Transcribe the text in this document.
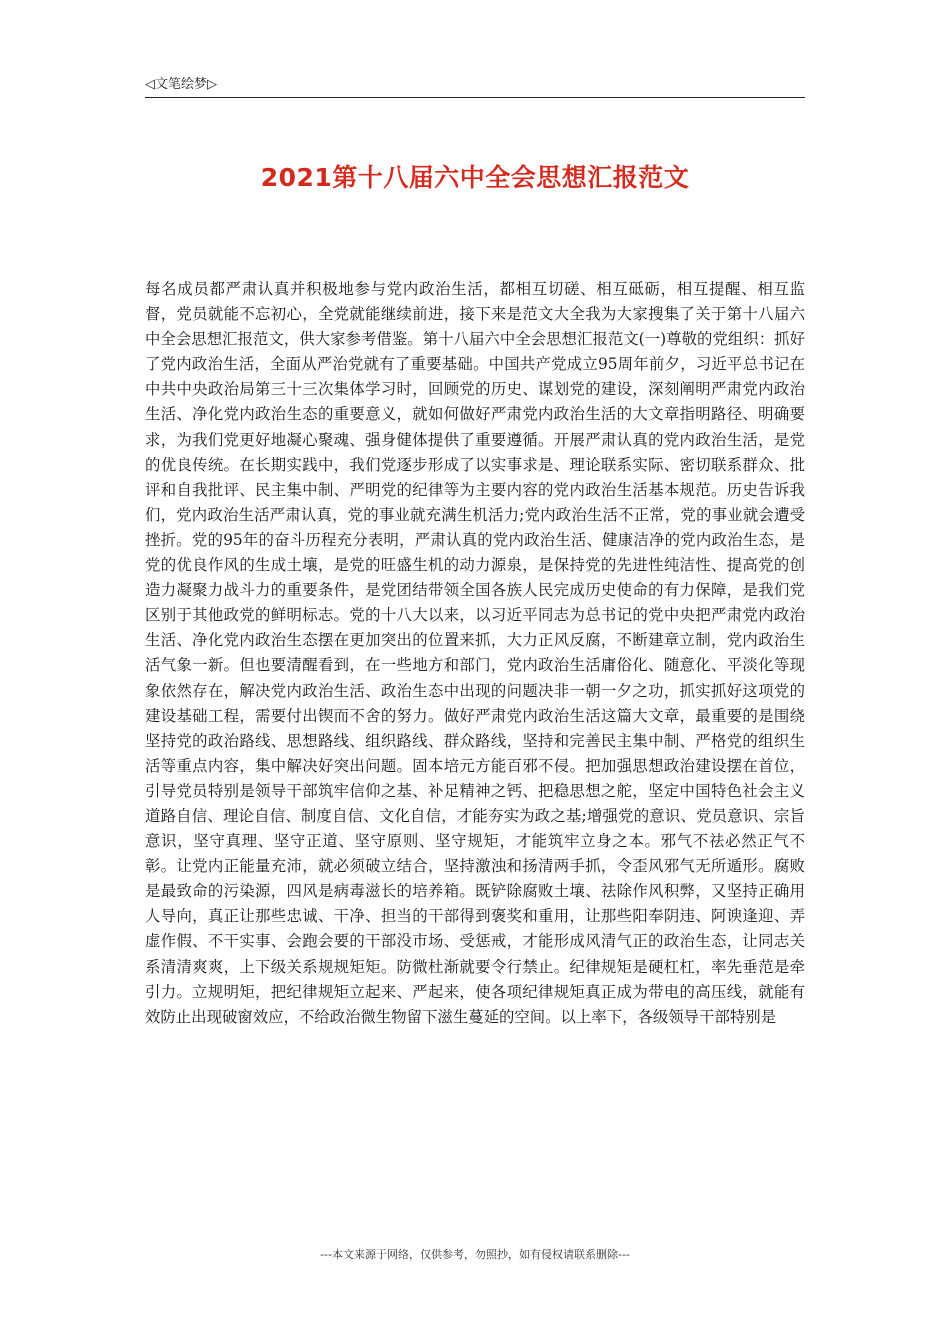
◁文笔绘梦▷
2021第十八届六中全会思想汇报范文
每名成员都严肃认真并积极地参与党内政治生活，都相互切磋、相互砥砺，相互提醒、相互监督，党员就能不忘初心，全党就能继续前进，接下来是范文大全我为大家搜集了关于第十八届六中全会思想汇报范文，供大家参考借鉴。第十八届六中全会思想汇报范文(一)尊敬的党组织：抓好了党内政治生活，全面从严治党就有了重要基础。中国共产党成立95周年前夕，习近平总书记在中共中央政治局第三十三次集体学习时，回顾党的历史、谋划党的建设，深刻阐明严肃党内政治生活、净化党内政治生态的重要意义，就如何做好严肃党内政治生活的大文章指明路径、明确要求，为我们党更好地凝心聚魂、强身健体提供了重要遵循。开展严肃认真的党内政治生活，是党的优良传统。在长期实践中，我们党逐步形成了以实事求是、理论联系实际、密切联系群众、批评和自我批评、民主集中制、严明党的纪律等为主要内容的党内政治生活基本规范。历史告诉我们，党内政治生活严肃认真，党的事业就充满生机活力;党内政治生活不正常，党的事业就会遭受挫折。党的95年的奋斗历程充分表明，严肃认真的党内政治生活、健康洁净的党内政治生态，是党的优良作风的生成土壤，是党的旺盛生机的动力源泉，是保持党的先进性纯洁性、提高党的创造力凝聚力战斗力的重要条件，是党团结带领全国各族人民完成历史使命的有力保障，是我们党区别于其他政党的鲜明标志。党的十八大以来，以习近平同志为总书记的党中央把严肃党内政治生活、净化党内政治生态摆在更加突出的位置来抓，大力正风反腐，不断建章立制，党内政治生活气象一新。但也要清醒看到，在一些地方和部门，党内政治生活庸俗化、随意化、平淡化等现象依然存在，解决党内政治生活、政治生态中出现的问题决非一朝一夕之功，抓实抓好这项党的建设基础工程，需要付出锲而不舍的努力。做好严肃党内政治生活这篇大文章，最重要的是围绕坚持党的政治路线、思想路线、组织路线、群众路线，坚持和完善民主集中制、严格党的组织生活等重点内容，集中解决好突出问题。固本培元方能百邪不侵。把加强思想政治建设摆在首位，引导党员特别是领导干部筑牢信仰之基、补足精神之钙、把稳思想之舵，坚定中国特色社会主义道路自信、理论自信、制度自信、文化自信，才能夯实为政之基;增强党的意识、党员意识、宗旨意识，坚守真理、坚守正道、坚守原则、坚守规矩，才能筑牢立身之本。邪气不祛必然正气不彰。让党内正能量充沛，就必须破立结合，坚持激浊和扬清两手抓，令歪风邪气无所遁形。腐败是最致命的污染源，四风是病毒滋长的培养箱。既铲除腐败土壤、祛除作风积弊，又坚持正确用人导向，真正让那些忠诚、干净、担当的干部得到褒奖和重用，让那些阳奉阴违、阿谀逢迎、弄虚作假、不干实事、会跑会要的干部没市场、受惩戒，才能形成风清气正的政治生态，让同志关系清清爽爽，上下级关系规规矩矩。防微杜渐就要令行禁止。纪律规矩是硬杠杠，率先垂范是牵引力。立规明矩，把纪律规矩立起来、严起来，使各项纪律规矩真正成为带电的高压线，就能有效防止出现破窗效应，不给政治微生物留下滋生蔓延的空间。以上率下，各级领导干部特别是
---本文来源于网络，仅供参考，勿照抄，如有侵权请联系删除---
